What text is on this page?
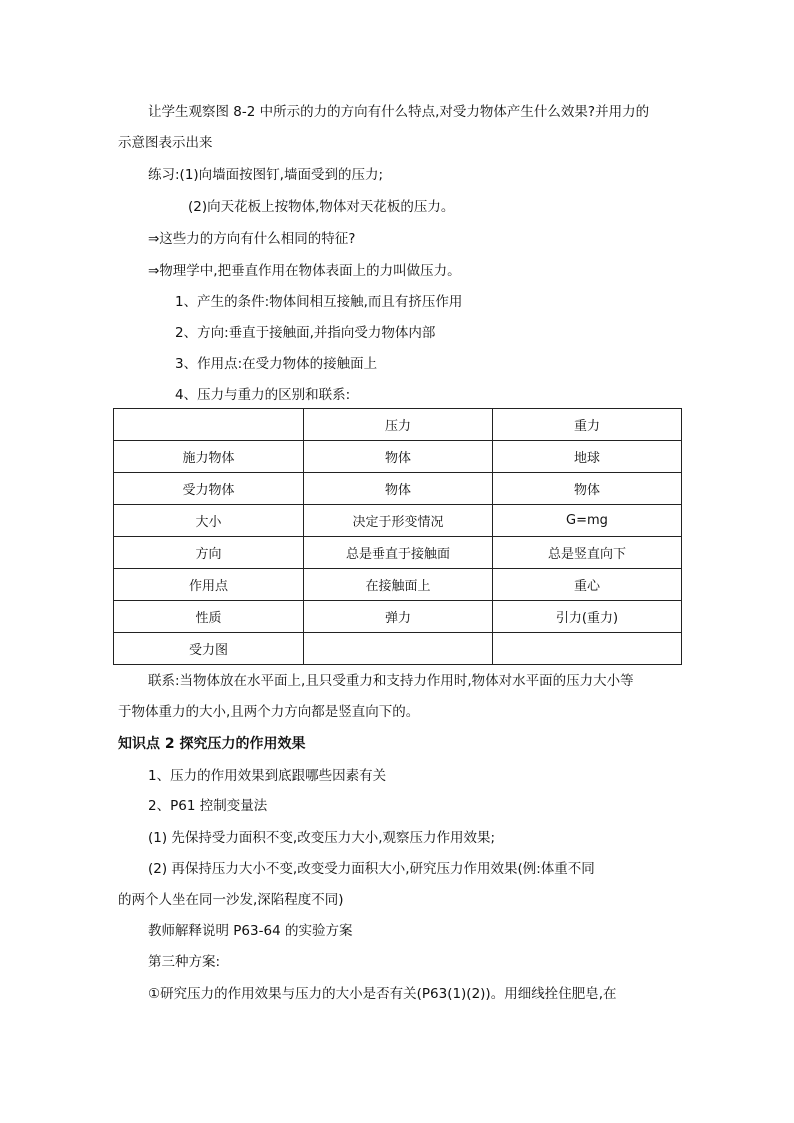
让学生观察图 8-2 中所示的力的方向有什么特点,对受力物体产生什么效果?并用力的
示意图表示出来
练习:(1)向墙面按图钉,墙面受到的压力;
(2)向天花板上按物体,物体对天花板的压力。
⇒这些力的方向有什么相同的特征?
⇒物理学中,把垂直作用在物体表面上的力叫做压力。
1、产生的条件:物体间相互接触,而且有挤压作用
2、方向:垂直于接触面,并指向受力物体内部
3、作用点:在受力物体的接触面上
4、压力与重力的区别和联系:
	压力	重力
施力物体	物体	地球
受力物体	物体	物体
大小	决定于形变情况	G=mg
方向	总是垂直于接触面	总是竖直向下
作用点	在接触面上	重心
性质	弹力	引力(重力)
受力图		
联系:当物体放在水平面上,且只受重力和支持力作用时,物体对水平面的压力大小等
于物体重力的大小,且两个力方向都是竖直向下的。
知识点 2 探究压力的作用效果
1、压力的作用效果到底跟哪些因素有关
2、P61 控制变量法
(1) 先保持受力面积不变,改变压力大小,观察压力作用效果;
(2) 再保持压力大小不变,改变受力面积大小,研究压力作用效果(例:体重不同
的两个人坐在同一沙发,深陷程度不同)
教师解释说明 P63-64 的实验方案
第三种方案:
①研究压力的作用效果与压力的大小是否有关(P63(1)(2))。用细线拴住肥皂,在
